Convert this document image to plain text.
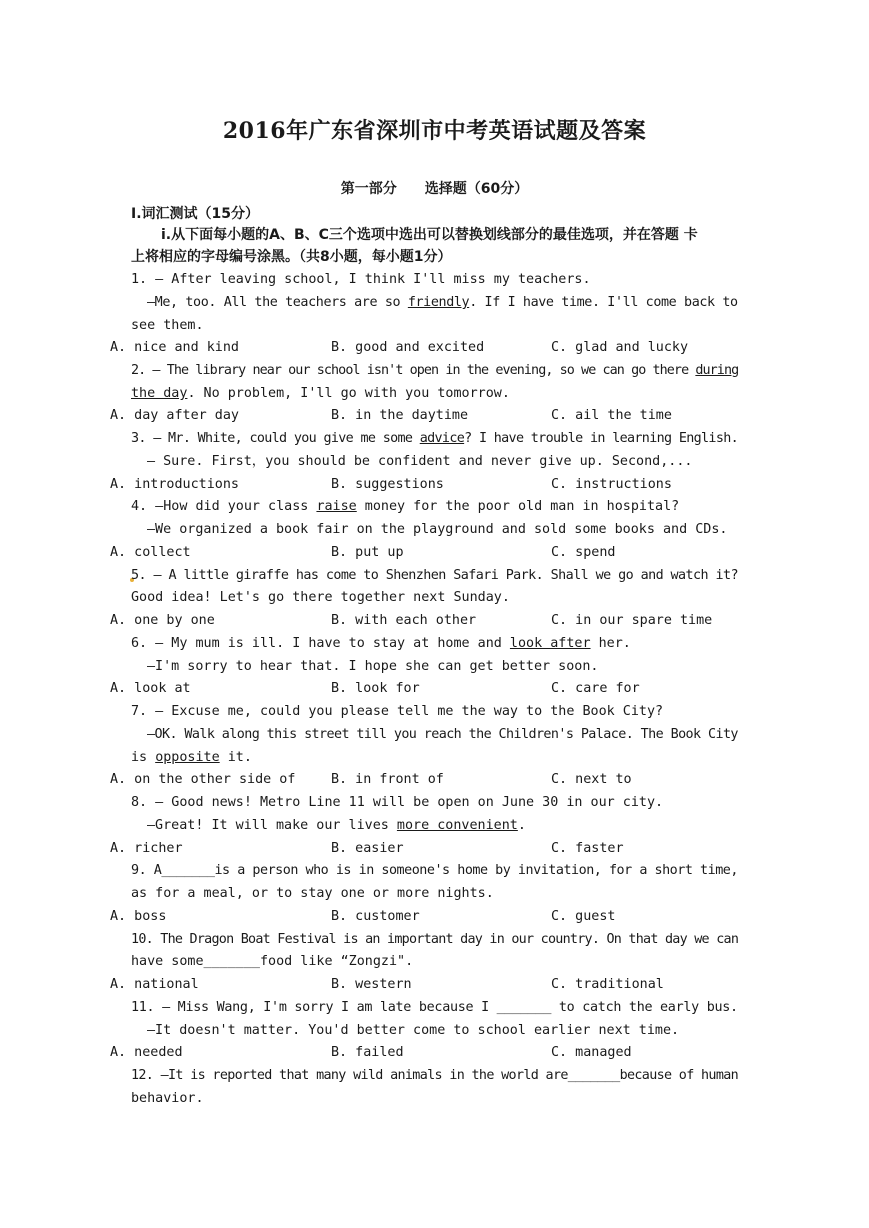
2016年广东省深圳市中考英语试题及答案
第一部分　　选择题（60分）
I.词汇测试（15分）
i.从下面每小题的A、B、C三个选项中选出可以替换划线部分的最佳选项，并在答题 卡
上将相应的字母编号涂黑。（共8小题，每小题1分）
1. — After leaving school, I think I'll miss my teachers.
—Me, too. All the teachers are so friendly. If I have time. I'll come back to
see them.
A. nice and kind	B. good and excited	C. glad and lucky
2. — The library near our school isn't open in the evening, so we can go there during
the day. No problem, I'll go with you tomorrow.
A. day after day	B. in the daytime	C. ail the time
3. — Mr. White, could you give me some advice? I have trouble in learning English.
— Sure. First，you should be confident and never give up. Second,...
A. introductions	B. suggestions	C. instructions
4. —How did your class raise money for the poor old man in hospital?
—We organized a book fair on the playground and sold some books and CDs.
A. collect	B. put up	C. spend
5. — A little giraffe has come to Shenzhen Safari Park. Shall we go and watch it?
Good idea! Let's go there together next Sunday.
A. one by one	B. with each other	C. in our spare time
6. — My mum is ill. I have to stay at home and look after her.
—I'm sorry to hear that. I hope she can get better soon.
A. look at	B. look for	C. care for
7. — Excuse me, could you please tell me the way to the Book City?
—OK. Walk along this street till you reach the Children's Palace. The Book City
is opposite it.
A. on the other side of	B. in front of	C. next to
8. — Good news! Metro Line 11 will be open on June 30 in our city.
—Great! It will make our lives more convenient.
A. richer	B. easier	C. faster
9. A_______is a person who is in someone's home by invitation, for a short time,
as for a meal, or to stay one or more nights.
A. boss	B. customer	C. guest
10. The Dragon Boat Festival is an important day in our country. On that day we can
have some_______food like “Zongzi".
A. national	B. western	C. traditional
11. — Miss Wang, I'm sorry I am late because I _______ to catch the early bus.
—It doesn't matter. You'd better come to school earlier next time.
A. needed	B. failed	C. managed
12. —It is reported that many wild animals in the world are_______because of human
behavior.
